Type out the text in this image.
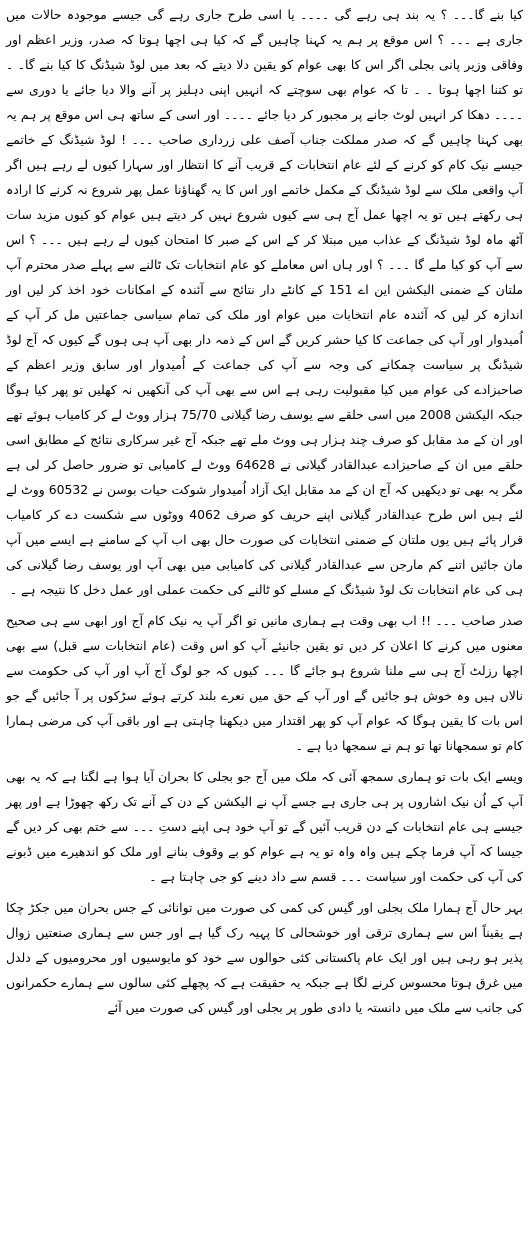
کیا بنے گا۔۔۔ ؟ یہ بند ہی رہے گی ۔۔۔۔ یا اسی طرح جاری رہے گی جیسے موجودہ حالات میں جاری ہے ۔۔۔ ؟ اس موقع پر ہم یہ کہنا چاہیں گے کہ کیا ہی اچھا ہوتا کہ صدر، وزیر اعظم اور وفاقی وزیر پانی بجلی اگر اس کا بھی عوام کو یقین دلا دیتے کہ بعد میں لوڈ شیڈنگ کا کیا بنے گا۔ ۔ تو کتنا اچھا ہوتا ۔ ۔ تا کہ عوام بھی سوچتے کہ انہیں اپنی دہلیز پر آنے والا دیا جائے یا دوری سے ۔۔۔۔ دھکا کر انہیں لوٹ جانے پر مجبور کر دیا جائے ۔۔۔۔ اور اسی کے ساتھ ہی اس موقع پر ہم یہ بھی کہنا چاہیں گے کہ صدر مملکت جناب آصف علی زرداری صاحب ۔۔۔ ! لوڈ شیڈنگ کے خاتمے جیسے نیک کام کو کرنے کے لئے عام انتخابات کے قریب آنے کا انتظار اور سہارا کیوں لے رہے ہیں اگر آپ واقعی ملک سے لوڈ شیڈنگ کے مکمل خاتمے اور اس کا یہ گھناؤنا عمل پھر شروع نہ کرنے کا ارادہ ہی رکھتے ہیں تو یہ اچھا عمل آج ہی سے کیوں شروع نہیں کر دیتے ہیں عوام کو کیوں مزید سات آٹھ ماہ لوڈ شیڈنگ کے عذاب میں مبتلا کر کے اس کے صبر کا امتحان کیوں لے رہے ہیں ۔۔۔ ؟ اس سے آپ کو کیا ملے گا ۔۔۔ ؟ اور ہاں اس معاملے کو عام انتخابات تک ٹالنے سے پہلے صدر محترم آپ ملتان کے ضمنی الیکشن این اے 151 کے کانٹے دار نتائج سے آئندہ کے امکانات خود اخذ کر لیں اور اندازہ کر لیں کہ آئندہ عام انتخابات میں عوام اور ملک کی تمام سیاسی جماعتیں مل کر آپ کے اُمیدوار اور آپ کی جماعت کا کیا حشر کریں گے اس کے ذمہ دار بھی آپ ہی ہوں گے کیوں کہ آج لوڈ شیڈنگ پر سیاست چمکانے کی وجہ سے آپ کی جماعت کے اُمیدوار اور سابق وزیر اعظم کے صاحبزادے کی عوام میں کیا مقبولیت رہی ہے اس سے بھی آپ کی آنکھیں نہ کھلیں تو پھر کیا ہوگا جبکہ الیکشن 2008 میں اسی حلقے سے یوسف رضا گیلانی 75/70 ہزار ووٹ لے کر کامیاب ہوئے تھے اور ان کے مد مقابل کو صرف چند ہزار ہی ووٹ ملے تھے جبکہ آج غیر سرکاری نتائج کے مطابق اسی حلقے میں ان کے صاحبزادے عبدالقادر گیلانی نے 64628 ووٹ لے کامیابی تو ضرور حاصل کر لی ہے مگر یہ بھی تو دیکھیں کہ آج ان کے مد مقابل ایک آزاد اُمیدوار شوکت حیات بوسن نے 60532 ووٹ لے لئے ہیں اس طرح عبدالقادر گیلانی اپنے حریف کو صرف 4062 ووٹوں سے شکست دے کر کامیاب قرار پائے ہیں یوں ملتان کے ضمنی انتخابات کی صورت حال بھی اب آپ کے سامنے ہے ایسے میں آپ مان جائیں اتنے کم مارجن سے عبدالقادر گیلانی کی کامیابی میں بھی آپ اور یوسف رضا گیلانی کی ہی کی عام انتخابات تک لوڈ شیڈنگ کے مسلے کو ٹالنے کی حکمت عملی اور عمل دخل کا نتیجہ ہے ۔

صدر صاحب ۔۔۔ !! اب بھی وقت ہے ہماری مانیں تو اگر آپ یہ نیک کام آج اور ابھی سے ہی صحیح معنوں میں کرنے کا اعلان کر دیں تو یقین جانیئے آپ کو اس وقت (عام انتخابات سے قبل) سے بھی اچھا رزلٹ آج ہی سے ملنا شروع ہو جائے گا ۔۔۔ کیوں کہ جو لوگ آج آپ اور آپ کی حکومت سے نالاں ہیں وہ خوش ہو جائیں گے اور آپ کے حق میں نعرے بلند کرتے ہوئے سڑکوں پر آ جائیں گے جو اس بات کا یقین ہوگا کہ عوام آپ کو پھر اقتدار میں دیکھنا چاہتی ہے اور باقی آپ کی مرضی ہمارا کام تو سمجھانا تھا تو ہم نے سمجھا دیا ہے ۔

ویسے ایک بات تو ہماری سمجھ آئی کہ ملک میں آج جو بجلی کا بحران آیا ہوا ہے لگتا ہے کہ یہ بھی آپ کے اُن نیک اشاروں پر ہی جاری ہے جسے آپ نے الیکشن کے دن کے آنے تک رکھ چھوڑا ہے اور پھر جیسے ہی عام انتخابات کے دن قریب آئیں گے تو آپ خود ہی اپنے دستِ ۔۔۔ سے ختم بھی کر دیں گے جیسا کہ آپ فرما چکے ہیں واہ واہ تو یہ ہے عوام کو بے وقوف بنانے اور ملک کو اندھیرے میں ڈبونے کی آپ کی حکمت اور سیاست ۔۔۔ قسم سے داد دینے کو جی چاہتا ہے ۔

بہر حال آج ہمارا ملک بجلی اور گیس کی کمی کی صورت میں توانائی کے جس بحران میں جکڑ چکا ہے یقیناً اس سے ہماری ترقی اور خوشحالی کا پہیہ رک گیا ہے اور جس سے ہماری صنعتیں زوال پذیر ہو رہی ہیں اور ایک عام پاکستانی کئی حوالوں سے خود کو مایوسیوں اور محرومیوں کے دلدل میں غرق ہوتا محسوس کرنے لگا ہے جبکہ یہ حقیقت ہے کہ پچھلے کئی سالوں سے ہمارے حکمرانوں کی جانب سے ملک میں دانستہ یا دادی طور پر بجلی اور گیس کی صورت میں آئے
